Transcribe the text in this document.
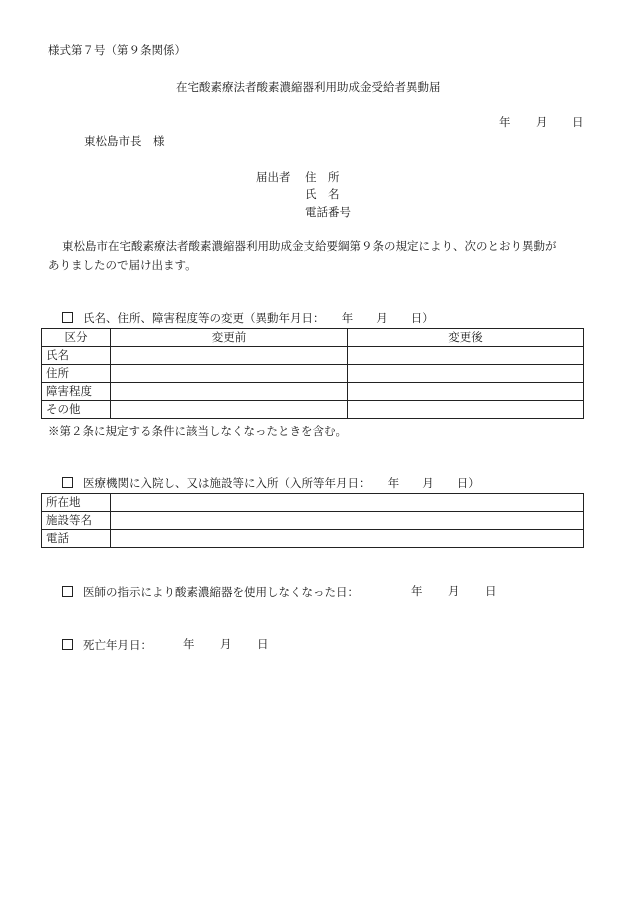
様式第７号（第９条関係）
在宅酸素療法者酸素濃縮器利用助成金受給者異動届
年 月 日
東松島市長　様
届出者 住　所
氏　名
電話番号
東松島市在宅酸素療法者酸素濃縮器利用助成金支給要綱第９条の規定により、次のとおり異動が
ありましたので届け出ます。
氏名、住所、障害程度等の変更（異動年月日：　　年　　月　　日）
区分	変更前	変更後
氏名		
住所		
障害程度		
その他		
※第２条に規定する条件に該当しなくなったときを含む。
医療機関に入院し、又は施設等に入所（入所等年月日：　　年　　月　　日）
所在地	
施設等名	
電話	
医師の指示により酸素濃縮器を使用しなくなった日：	年 月 日
死亡年月日：	年 月 日
